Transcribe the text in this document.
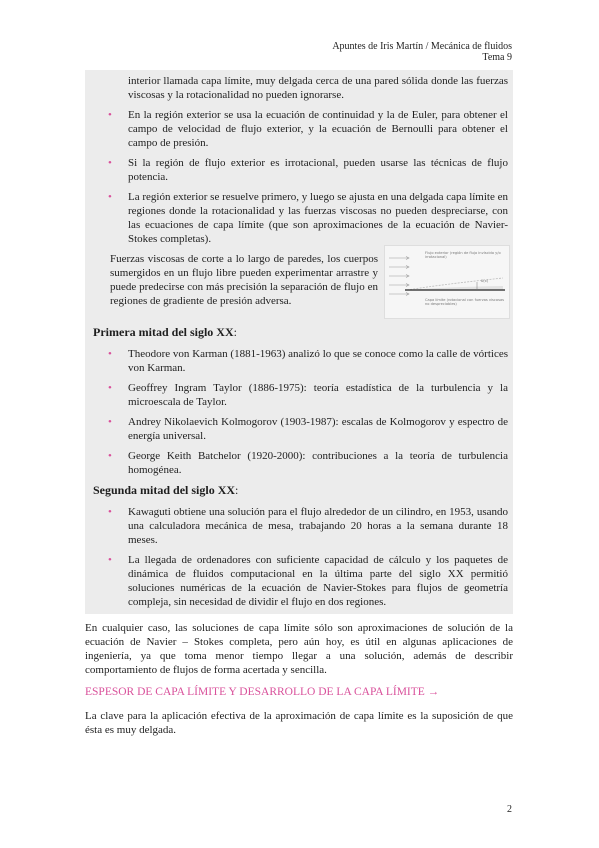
Apuntes de Iris Martín / Mecánica de fluidos
Tema 9

interior llamada capa límite, muy delgada cerca de una pared sólida donde las fuerzas viscosas y la rotacionalidad no pueden ignorarse.

•	En la región exterior se usa la ecuación de continuidad y la de Euler, para obtener el campo de velocidad de flujo exterior, y la ecuación de Bernoulli para obtener el campo de presión.

•	Si la región de flujo exterior es irrotacional, pueden usarse las técnicas de flujo potencia.

•	La región exterior se resuelve primero, y luego se ajusta en una delgada capa límite en regiones donde la rotacionalidad y las fuerzas viscosas no pueden despreciarse, con las ecuaciones de capa límite (que son aproximaciones de la ecuación de Navier-Stokes completas).

Fuerzas viscosas de corte a lo largo de paredes, los cuerpos sumergidos en un flujo libre pueden experimentar arrastre y puede predecirse con más precisión la separación de flujo en regiones de gradiente de presión adversa.

Flujo exterior (región de flujo invíscido y/o irrotacional)
δ(x)
Capa límite (rotacional con fuerzas viscosas no despreciables)
Primera mitad del siglo XX:
•	Theodore von Karman (1881-1963) analizó lo que se conoce como la calle de vórtices von Karman.

•	Geoffrey Ingram Taylor (1886-1975): teoría estadística de la turbulencia y la microescala de Taylor.

•	Andrey Nikolaevich Kolmogorov (1903-1987): escalas de Kolmogorov y espectro de energía universal.

•	George Keith Batchelor (1920-2000): contribuciones a la teoría de turbulencia homogénea.

Segunda mitad del siglo XX:
•	Kawaguti obtiene una solución para el flujo alrededor de un cilindro, en 1953, usando una calculadora mecánica de mesa, trabajando 20 horas a la semana durante 18 meses.

•	La llegada de ordenadores con suficiente capacidad de cálculo y los paquetes de dinámica de fluidos computacional en la última parte del siglo XX permitió soluciones numéricas de la ecuación de Navier-Stokes para flujos de geometría compleja, sin necesidad de dividir el flujo en dos regiones.

En cualquier caso, las soluciones de capa límite sólo son aproximaciones de solución de la ecuación de Navier – Stokes completa, pero aún hoy, es útil en algunas aplicaciones de ingeniería, ya que toma menor tiempo llegar a una solución, además de describir comportamiento de flujos de forma acertada y sencilla.

ESPESOR DE CAPA LÍMITE Y DESARROLLO DE LA CAPA LÍMITE →

La clave para la aplicación efectiva de la aproximación de capa límite es la suposición de que ésta es muy delgada.

2
